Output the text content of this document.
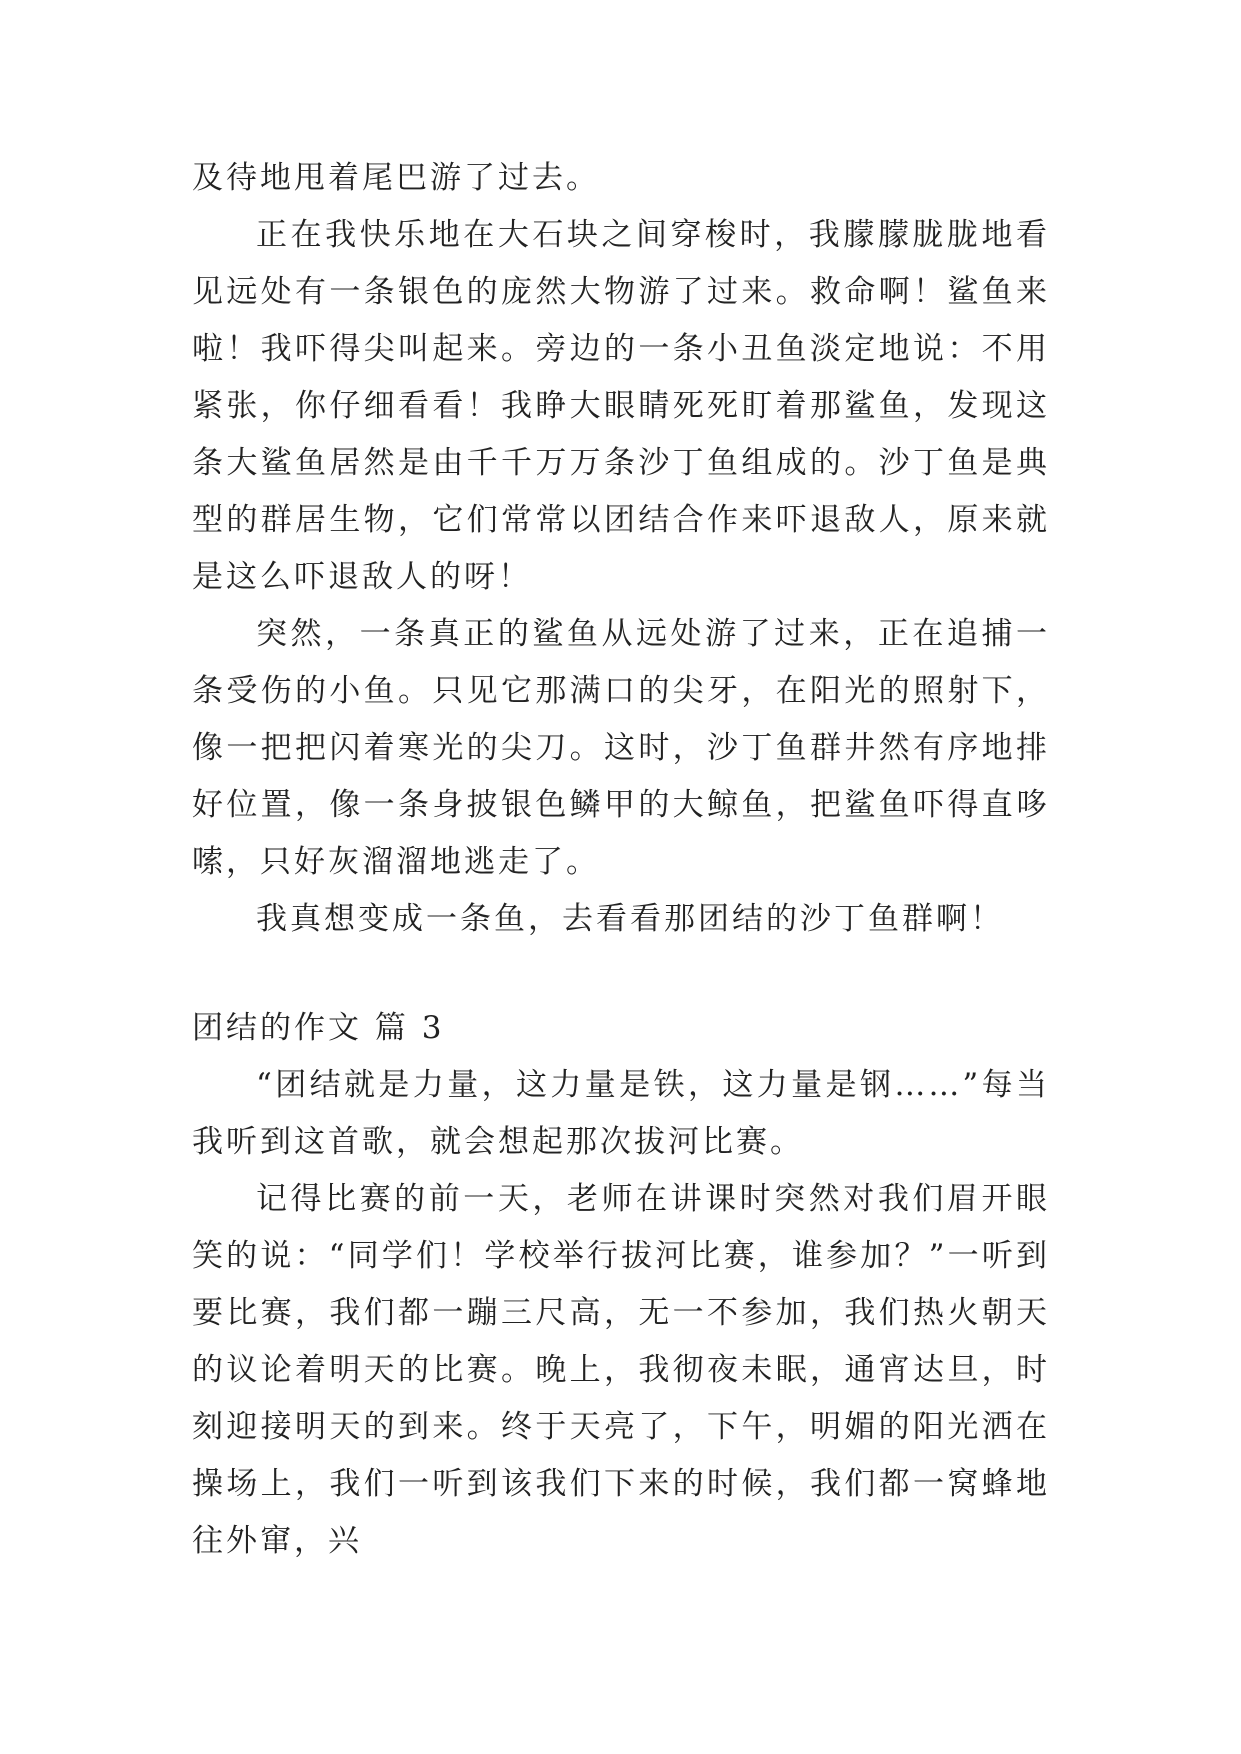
及待地甩着尾巴游了过去。

正在我快乐地在大石块之间穿梭时，我朦朦胧胧地看见远处有一条银色的庞然大物游了过来。救命啊！鲨鱼来啦！我吓得尖叫起来。旁边的一条小丑鱼淡定地说：不用紧张，你仔细看看！我睁大眼睛死死盯着那鲨鱼，发现这条大鲨鱼居然是由千千万万条沙丁鱼组成的。沙丁鱼是典型的群居生物，它们常常以团结合作来吓退敌人，原来就是这么吓退敌人的呀！

突然，一条真正的鲨鱼从远处游了过来，正在追捕一条受伤的小鱼。只见它那满口的尖牙，在阳光的照射下，像一把把闪着寒光的尖刀。这时，沙丁鱼群井然有序地排好位置，像一条身披银色鳞甲的大鲸鱼，把鲨鱼吓得直哆嗦，只好灰溜溜地逃走了。

我真想变成一条鱼，去看看那团结的沙丁鱼群啊！

团结的作文 篇 3

“团结就是力量，这力量是铁，这力量是钢……”每当我听到这首歌，就会想起那次拔河比赛。

记得比赛的前一天，老师在讲课时突然对我们眉开眼笑的说：“同学们！学校举行拔河比赛，谁参加？”一听到要比赛，我们都一蹦三尺高，无一不参加，我们热火朝天的议论着明天的比赛。晚上，我彻夜未眠，通宵达旦，时刻迎接明天的到来。终于天亮了，下午，明媚的阳光洒在操场上，我们一听到该我们下来的时候，我们都一窝蜂地往外窜，兴
